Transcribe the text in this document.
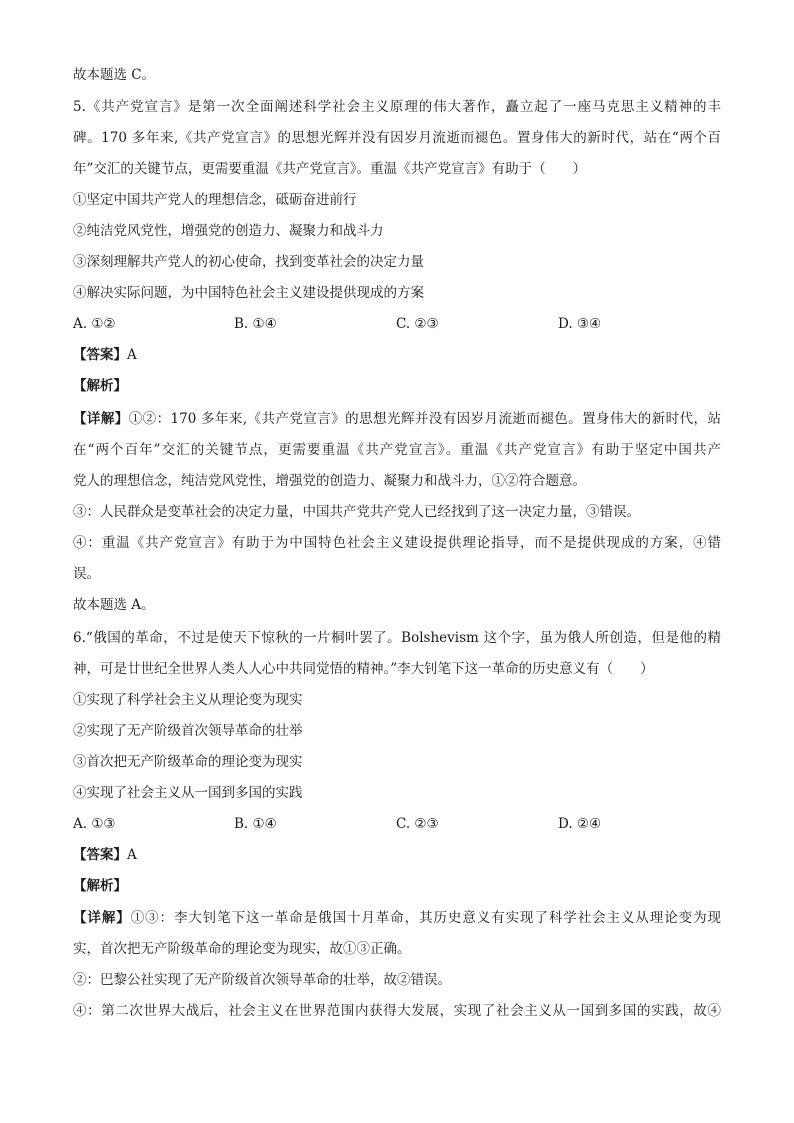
故本题选 C。
5.《共产党宣言》是第一次全面阐述科学社会主义原理的伟大著作，矗立起了一座马克思主义精神的丰
碑。170 多年来,《共产党宣言》的思想光辉并没有因岁月流逝而褪色。置身伟大的新时代，站在“两个百
年”交汇的关键节点，更需要重温《共产党宣言》。重温《共产党宣言》有助于（　　）
①坚定中国共产党人的理想信念，砥砺奋进前行
②纯洁党风党性，增强党的创造力、凝聚力和战斗力
③深刻理解共产党人的初心使命，找到变革社会的决定力量
④解决实际问题，为中国特色社会主义建设提供现成的方案
A. ①②	B. ①④	C. ②③	D. ③④
【答案】A
【解析】
【详解】①②：170 多年来,《共产党宣言》的思想光辉并没有因岁月流逝而褪色。置身伟大的新时代，站
在“两个百年”交汇的关键节点，更需要重温《共产党宣言》。重温《共产党宣言》有助于坚定中国共产
党人的理想信念，纯洁党风党性，增强党的创造力、凝聚力和战斗力，①②符合题意。
③：人民群众是变革社会的决定力量，中国共产党共产党人已经找到了这一决定力量，③错误。
④：重温《共产党宣言》有助于为中国特色社会主义建设提供理论指导，而不是提供现成的方案，④错
误。
故本题选 A。
6.“俄国的革命，不过是使天下惊秋的一片桐叶罢了。Bolshevism 这个字，虽为俄人所创造，但是他的精
神，可是廿世纪全世界人类人人心中共同觉悟的精神。”李大钊笔下这一革命的历史意义有（　　）
①实现了科学社会主义从理论变为现实
②实现了无产阶级首次领导革命的壮举
③首次把无产阶级革命的理论变为现实
④实现了社会主义从一国到多国的实践
A. ①③	B. ①④	C. ②③	D. ②④
【答案】A
【解析】
【详解】①③：李大钊笔下这一革命是俄国十月革命，其历史意义有实现了科学社会主义从理论变为现
实，首次把无产阶级革命的理论变为现实，故①③正确。
②：巴黎公社实现了无产阶级首次领导革命的壮举，故②错误。
④：第二次世界大战后，社会主义在世界范围内获得大发展，实现了社会主义从一国到多国的实践，故④
